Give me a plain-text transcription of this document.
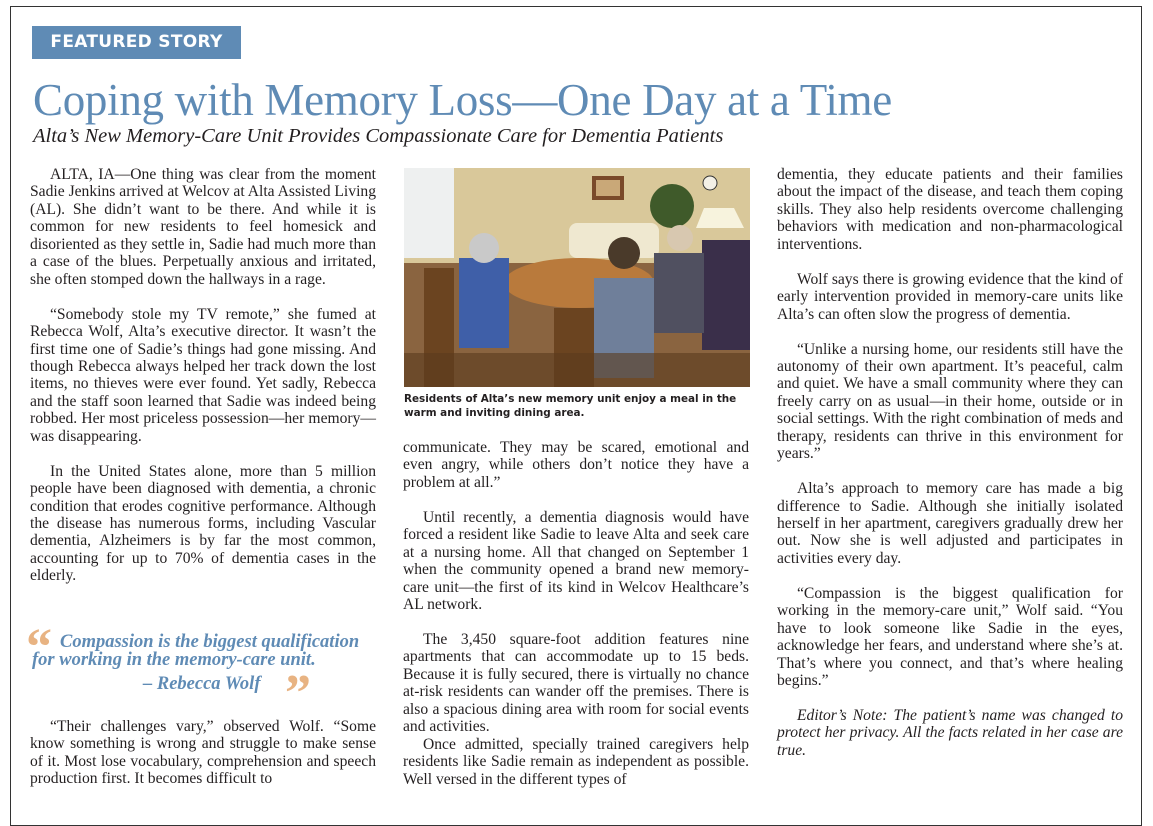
FEATURED STORY
Coping with Memory Loss—One Day at a Time
Alta’s New Memory-Care Unit Provides Compassionate Care for Dementia Patients

ALTA, IA—One thing was clear from the moment Sadie Jenkins arrived at Welcov at Alta Assisted Living (AL). She didn’t want to be there. And while it is common for new residents to feel homesick and disoriented as they settle in, Sadie had much more than a case of the blues. Perpetually anxious and irritated, she often stomped down the hallways in a rage.

“Somebody stole my TV remote,” she fumed at Rebecca Wolf, Alta’s executive director. It wasn’t the first time one of Sadie’s things had gone missing. And though Rebecca always helped her track down the lost items, no thieves were ever found. Yet sadly, Rebecca and the staff soon learned that Sadie was indeed being robbed. Her most priceless possession—her memory—was disappearing.

In the United States alone, more than 5 million people have been diagnosed with dementia, a chronic condition that erodes cognitive performance. Although the disease has numerous forms, including Vascular dementia, Alzheimers is by far the most common, accounting for up to 70% of dementia cases in the elderly.

“Their challenges vary,” observed Wolf. “Some know something is wrong and struggle to make sense of it. Most lose vocabulary, comprehension and speech production first. It becomes difficult to

“ Compassion is the biggest qualification
for working in the memory-care unit.
– Rebecca Wolf ”
Residents of Alta’s new memory unit enjoy a meal in the warm and inviting dining area.

communicate. They may be scared, emotional and even angry, while others don’t notice they have a problem at all.”

Until recently, a dementia diagnosis would have forced a resident like Sadie to leave Alta and seek care at a nursing home. All that changed on September 1 when the community opened a brand new memory-care unit—the first of its kind in Welcov Healthcare’s AL network.

The 3,450 square-foot addition features nine apartments that can accommodate up to 15 beds. Because it is fully secured, there is virtually no chance at-risk residents can wander off the premises. There is also a spacious dining area with room for social events and activities.

Once admitted, specially trained caregivers help residents like Sadie remain as independent as possible. Well versed in the different types of

dementia, they educate patients and their families about the impact of the disease, and teach them coping skills. They also help residents overcome challenging behaviors with medication and non-pharmacological interventions.

Wolf says there is growing evidence that the kind of early intervention provided in memory-care units like Alta’s can often slow the progress of dementia.

“Unlike a nursing home, our residents still have the autonomy of their own apartment. It’s peaceful, calm and quiet. We have a small community where they can freely carry on as usual—in their home, outside or in social settings. With the right combination of meds and therapy, residents can thrive in this environment for years.”

Alta’s approach to memory care has made a big difference to Sadie. Although she initially isolated herself in her apartment, caregivers gradually drew her out. Now she is well adjusted and participates in activities every day.

“Compassion is the biggest qualification for working in the memory-care unit,” Wolf said. “You have to look someone like Sadie in the eyes, acknowledge her fears, and understand where she’s at. That’s where you connect, and that’s where healing begins.”

Editor’s Note: The patient’s name was changed to protect her privacy. All the facts related in her case are true.
